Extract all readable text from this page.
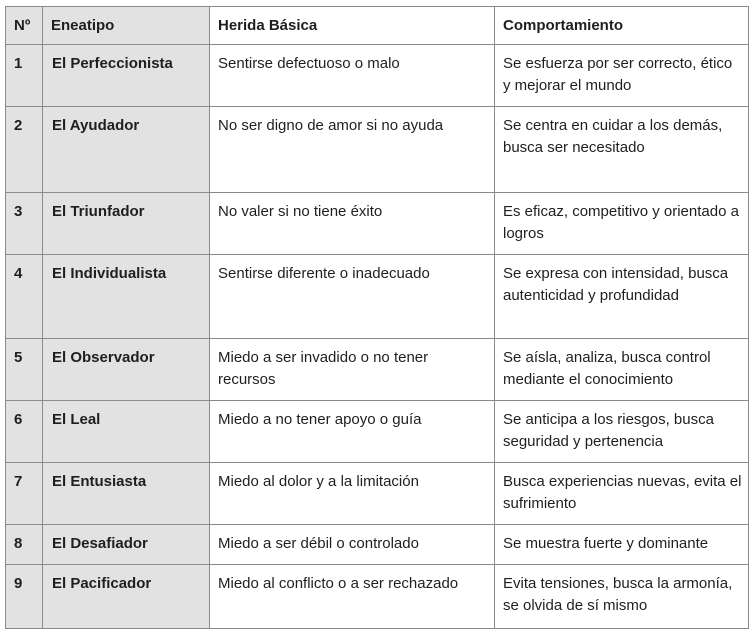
Nº	Eneatipo	Herida Básica	Comportamiento
1	El Perfeccionista	Sentirse defectuoso o malo	Se esfuerza por ser correcto, ético y mejorar el mundo
2	El Ayudador	No ser digno de amor si no ayuda	Se centra en cuidar a los demás, busca ser necesitado
3	El Triunfador	No valer si no tiene éxito	Es eficaz, competitivo y orientado a logros
4	El Individualista	Sentirse diferente o inadecuado	Se expresa con intensidad, busca autenticidad y profundidad
5	El Observador	Miedo a ser invadido o no tener recursos	Se aísla, analiza, busca control mediante el conocimiento
6	El Leal	Miedo a no tener apoyo o guía	Se anticipa a los riesgos, busca seguridad y pertenencia
7	El Entusiasta	Miedo al dolor y a la limitación	Busca experiencias nuevas, evita el sufrimiento
8	El Desafiador	Miedo a ser débil o controlado	Se muestra fuerte y dominante
9	El Pacificador	Miedo al conflicto o a ser rechazado	Evita tensiones, busca la armonía, se olvida de sí mismo
